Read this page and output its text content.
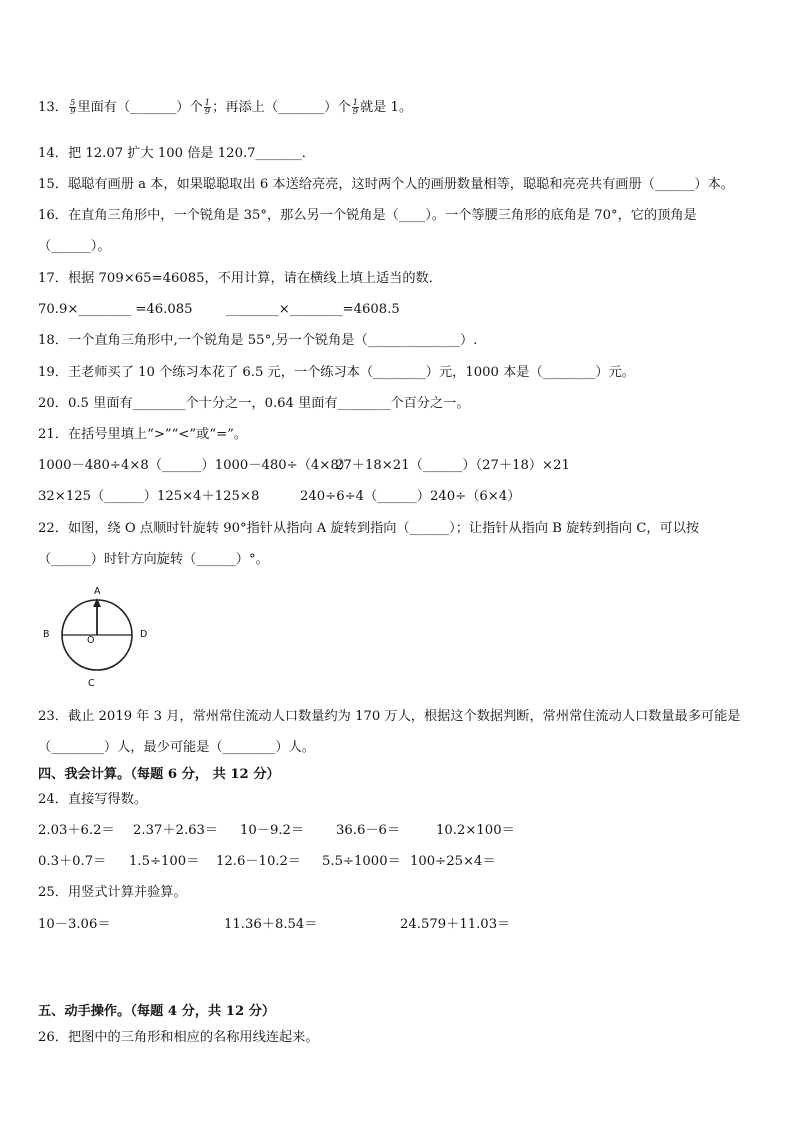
13． $\frac{5}{9}$ 里面有（_______）个 $\frac{1}{9}$ ；再添上（_______）个 $\frac{1}{9}$ 就是 1。
14．把 12.07 扩大 100 倍是 120.7_______．
15．聪聪有画册 a 本，如果聪聪取出 6 本送给亮亮，这时两个人的画册数量相等，聪聪和亮亮共有画册（______）本。
16．在直角三角形中，一个锐角是 35°，那么另一个锐角是（____）。一个等腰三角形的底角是 70°，它的顶角是
（______）。
17．根据 709×65=46085，不用计算，请在横线上填上适当的数．
70.9×________ =46.085	________×________=4608.5
18．一个直角三角形中,一个锐角是 55°,另一个锐角是（______________）.
19．王老师买了 10 个练习本花了 6.5 元，一个练习本（________）元，1000 本是（________）元。
20．0.5 里面有________个十分之一，0.64 里面有________个百分之一。
21．在括号里填上“>”“<”或“=”。
1000－480÷4×8（______）1000－480÷（4×8）
27＋18×21（______）（27＋18）×21
32×125（______）125×4＋125×8	240÷6÷4（______）240÷（6×4）
22．如图，绕 O 点顺时针旋转 90°指针从指向 A 旋转到指向（______）；让指针从指向 B 旋转到指向 C，可以按
（______）时针方向旋转（______）°。
A
B	D
O
C
23．截止 2019 年 3 月，常州常住流动人口数量约为 170 万人，根据这个数据判断，常州常住流动人口数量最多可能是
（________）人，最少可能是（________）人。
四、我会计算。（每题 6 分， 共 12 分）
24．直接写得数。
2.03＋6.2＝ 2.37＋2.63＝ 10－9.2＝ 36.6－6＝	10.2×100＝
0.3＋0.7＝ 1.5÷100＝ 12.6－10.2＝ 5.5÷1000＝ 100÷25×4＝
25．用竖式计算并验算。
10－3.06＝	11.36＋8.54＝	24.579＋11.03＝
五、动手操作。（每题 4 分，共 12 分）
26．把图中的三角形和相应的名称用线连起来。
